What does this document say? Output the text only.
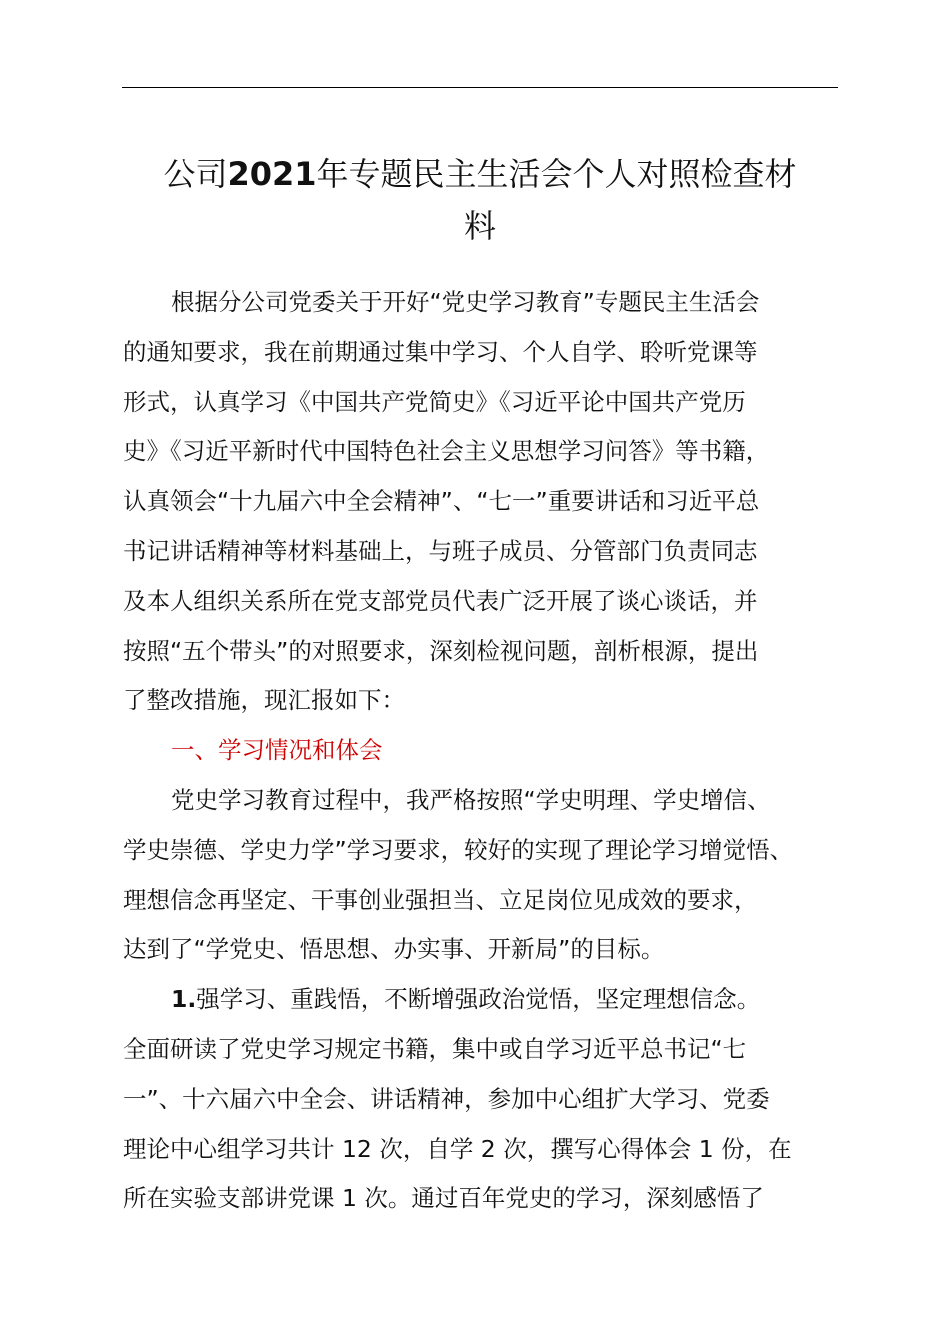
公司2021年专题民主生活会个人对照检查材
料
根据分公司党委关于开好“党史学习教育”专题民主生活会
的通知要求，我在前期通过集中学习、个人自学、聆听党课等
形式，认真学习《中国共产党简史》《习近平论中国共产党历
史》《习近平新时代中国特色社会主义思想学习问答》等书籍，
认真领会“十九届六中全会精神”、“七一”重要讲话和习近平总
书记讲话精神等材料基础上，与班子成员、分管部门负责同志
及本人组织关系所在党支部党员代表广泛开展了谈心谈话，并
按照“五个带头”的对照要求，深刻检视问题，剖析根源，提出
了整改措施，现汇报如下：
一、学习情况和体会
党史学习教育过程中，我严格按照“学史明理、学史增信、
学史崇德、学史力学”学习要求，较好的实现了理论学习增觉悟、
理想信念再坚定、干事创业强担当、立足岗位见成效的要求，
达到了“学党史、悟思想、办实事、开新局”的目标。
1.强学习、重践悟，不断增强政治觉悟，坚定理想信念。
全面研读了党史学习规定书籍，集中或自学习近平总书记“七
一”、十六届六中全会、讲话精神，参加中心组扩大学习、党委
理论中心组学习共计 12 次，自学 2 次，撰写心得体会 1 份，在
所在实验支部讲党课 1 次。通过百年党史的学习，深刻感悟了
